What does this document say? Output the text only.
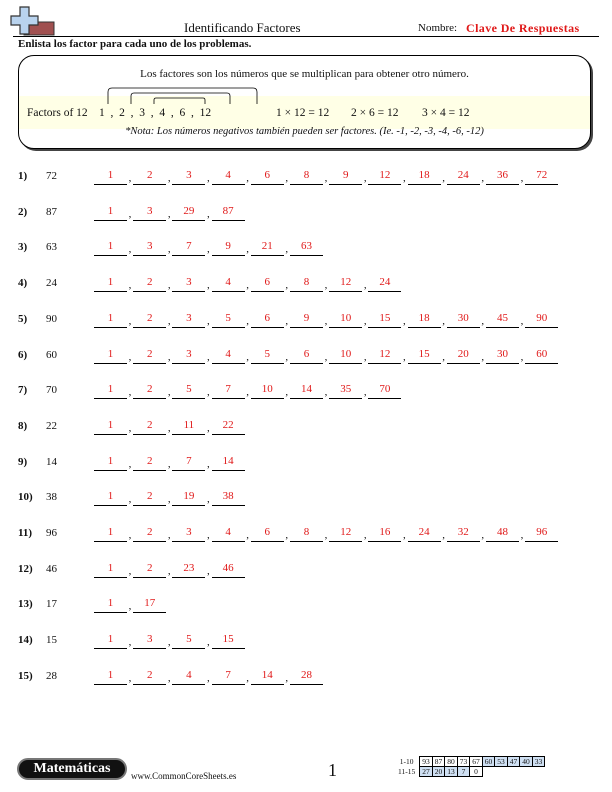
Identificando Factores	Nombre: Clave De Respuestas
Enlista los factor para cada uno de los problemas.
Los factores son los números que se multiplican para obtener otro número.
Factors of 12 1  ,  2  ,  3  ,  4  ,  6  ,  12	1 × 12 = 12 2 × 6 = 12 3 × 4 = 12
*Nota: Los números negativos también pueden ser factores. (Ie. -1, -2, -3, -4, -6, -12)
1) 72	1	,	2	,	3	,	4	,	6	,	8	,	9	,	12	,	18	,	24	,	36	,	72
2) 87	1	,	3	,	29	,	87
3) 63	1	,	3	,	7	,	9	,	21	,	63
4) 24	1	,	2	,	3	,	4	,	6	,	8	,	12	,	24
5) 90	1	,	2	,	3	,	5	,	6	,	9	,	10	,	15	,	18	,	30	,	45	,	90
6) 60	1	,	2	,	3	,	4	,	5	,	6	,	10	,	12	,	15	,	20	,	30	,	60
7) 70	1	,	2	,	5	,	7	,	10	,	14	,	35	,	70
8) 22	1	,	2	,	11	,	22
9) 14	1	,	2	,	7	,	14
10) 38	1	,	2	,	19	,	38
11) 96	1	,	2	,	3	,	4	,	6	,	8	,	12	,	16	,	24	,	32	,	48	,	96
12) 46	1	,	2	,	23	,	46
13) 17	1	,	17
14) 15	1	,	3	,	5	,	15
15) 28	1	,	2	,	4	,	7	,	14	,	28
Matemáticas	www.CommonCoreSheets.es	1	1-10	93	87	80	73	67	60	53	47	40	33
11-15	27	20	13	7	0					
